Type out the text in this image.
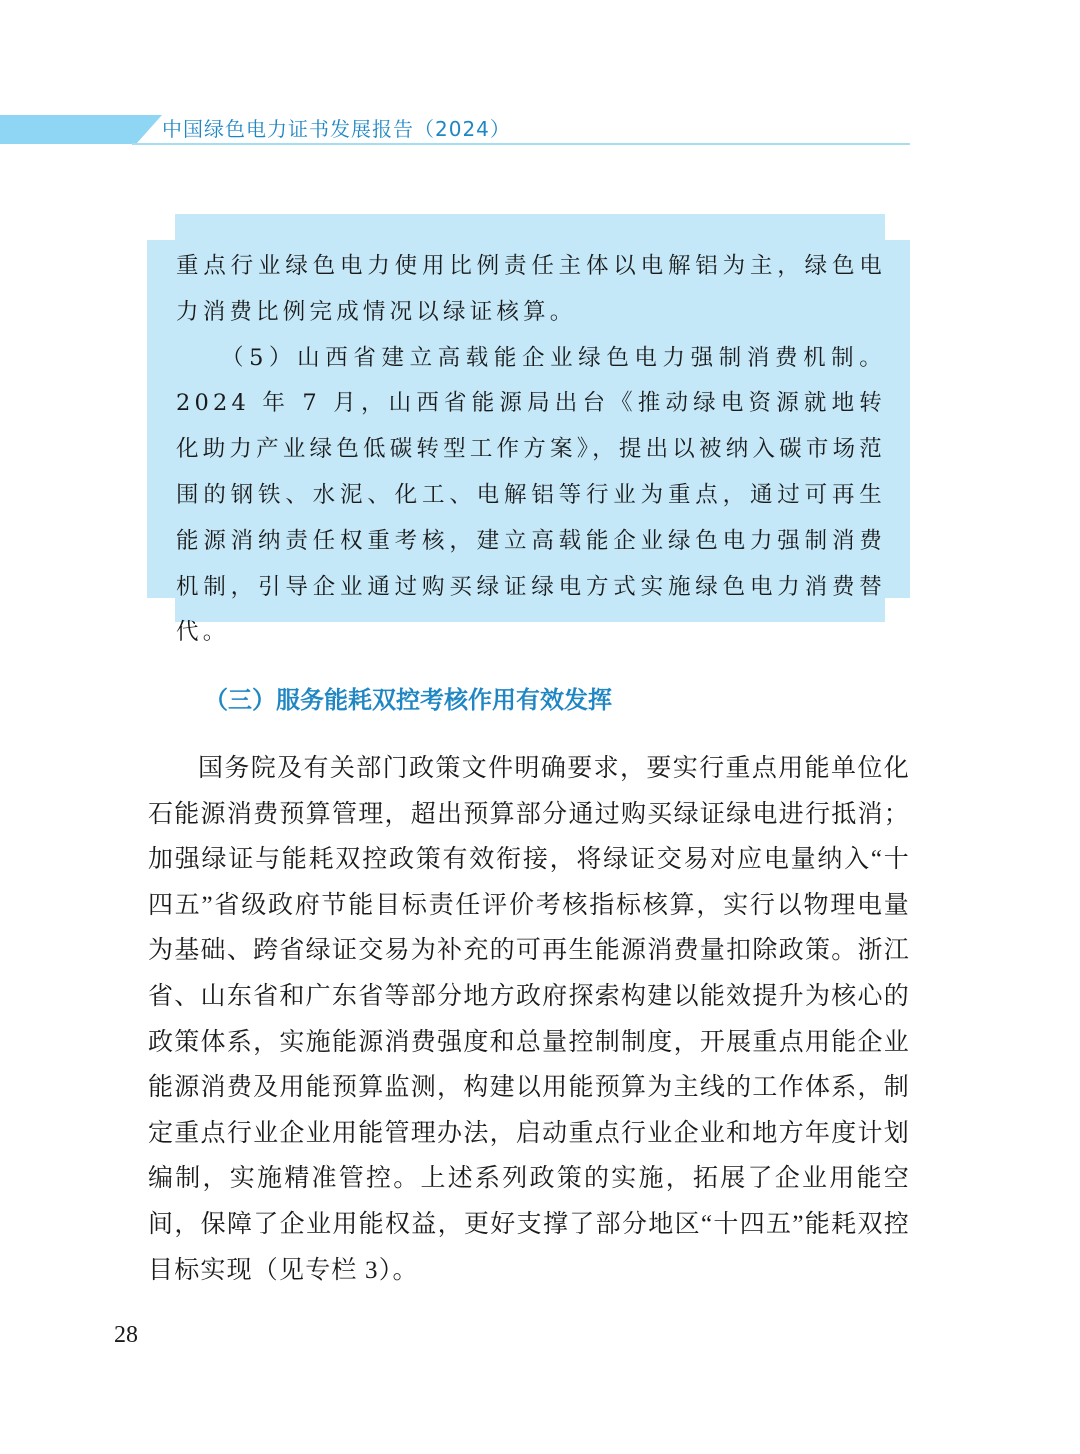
中国绿色电力证书发展报告（2024）

重点行业绿色电力使用比例责任主体以电解铝为主，绿色电力消费比例完成情况以绿证核算。

（5）山西省建立高载能企业绿色电力强制消费机制。2024 年 7 月，山西省能源局出台《推动绿电资源就地转化助力产业绿色低碳转型工作方案》，提出以被纳入碳市场范围的钢铁、水泥、化工、电解铝等行业为重点，通过可再生能源消纳责任权重考核，建立高载能企业绿色电力强制消费机制，引导企业通过购买绿证绿电方式实施绿色电力消费替代。

（三）服务能耗双控考核作用有效发挥

国务院及有关部门政策文件明确要求，要实行重点用能单位化石能源消费预算管理，超出预算部分通过购买绿证绿电进行抵消；加强绿证与能耗双控政策有效衔接，将绿证交易对应电量纳入“十四五”省级政府节能目标责任评价考核指标核算，实行以物理电量为基础、跨省绿证交易为补充的可再生能源消费量扣除政策。浙江省、山东省和广东省等部分地方政府探索构建以能效提升为核心的政策体系，实施能源消费强度和总量控制制度，开展重点用能企业能源消费及用能预算监测，构建以用能预算为主线的工作体系，制定重点行业企业用能管理办法，启动重点行业企业和地方年度计划编制，实施精准管控。上述系列政策的实施，拓展了企业用能空间，保障了企业用能权益，更好支撑了部分地区“十四五”能耗双控目标实现（见专栏 3）。

28
